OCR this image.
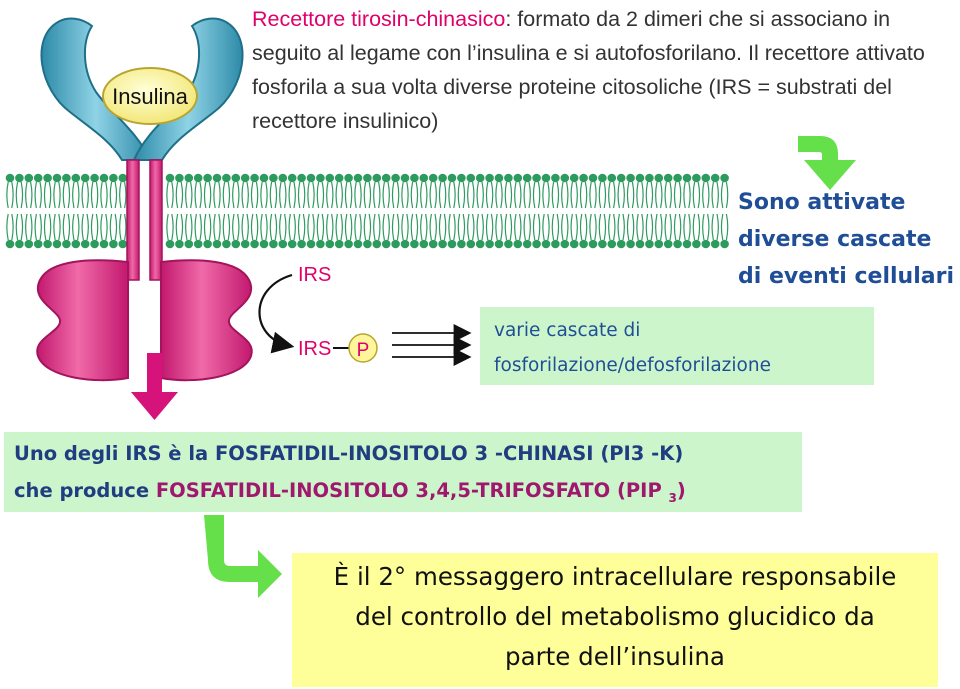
Insulina
IRS
IRS P

Recettore tirosin-chinasico: formato da 2 dimeri che si associano in seguito al legame con l’insulina e si autofosforilano. Il recettore attivato fosforila a sua volta diverse proteine citosoliche (IRS = substrati del recettore insulinico)

Sono attivate
diverse cascate
di eventi cellulari
varie cascate di
fosforilazione/defosforilazione
Uno degli IRS è la FOSFATIDIL-INOSITOLO 3 -CHINASI (PI3 -K)
che produce FOSFATIDIL-INOSITOLO 3,4,5-TRIFOSFATO (PIP $_3$)
È il 2° messaggero intracellulare responsabile
del controllo del metabolismo glucidico da
parte dell’insulina
